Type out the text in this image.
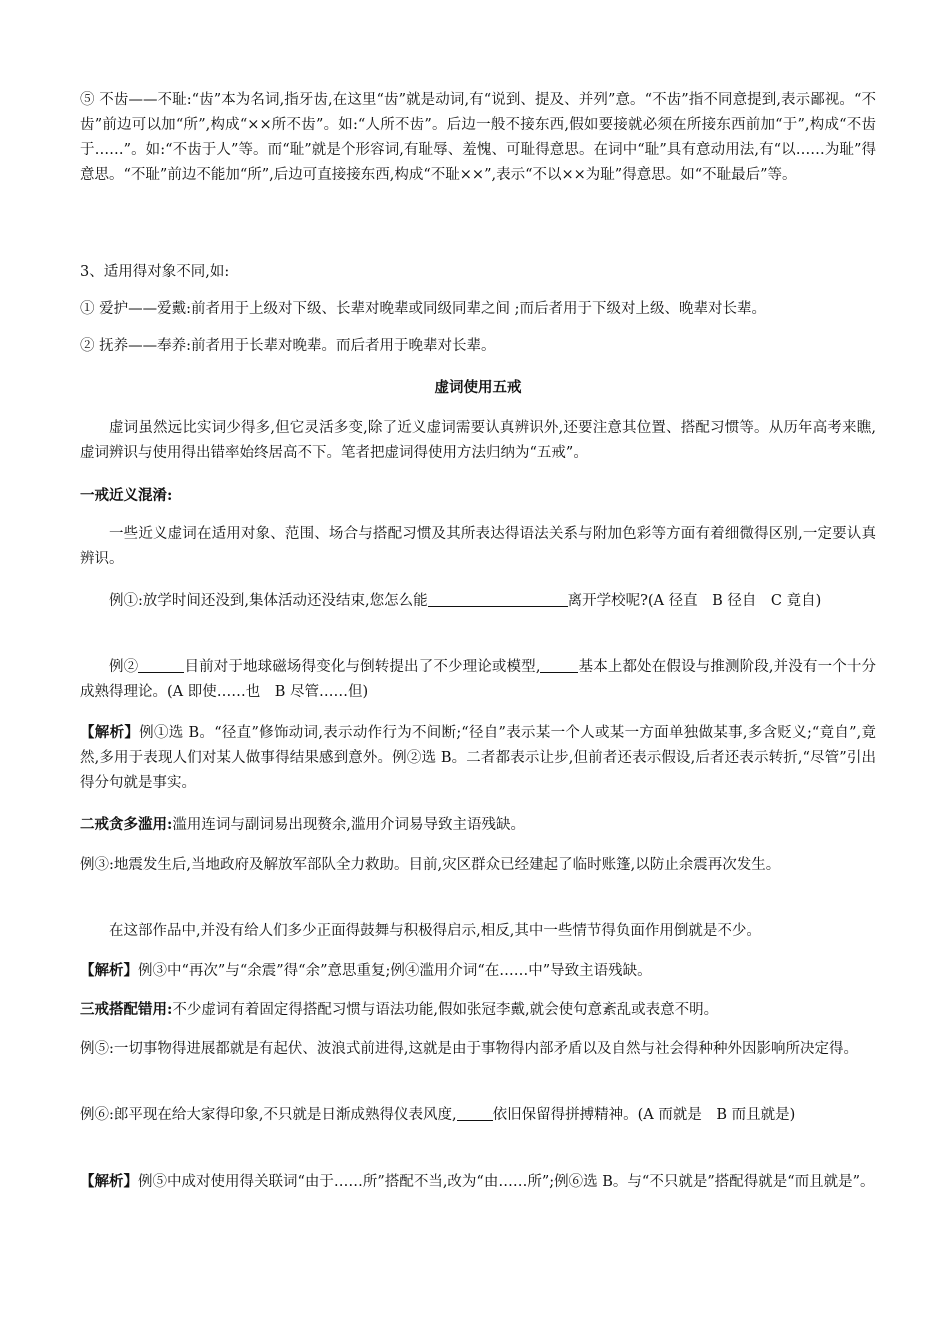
⑤ 不齿——不耻:“齿”本为名词,指牙齿,在这里“齿”就是动词,有“说到、提及、并列”意。“不齿”指不同意提到,表示鄙视。“不齿”前边可以加“所”,构成“××所不齿”。如:“人所不齿”。后边一般不接东西,假如要接就必须在所接东西前加“于”,构成“不齿于……”。如:“不齿于人”等。而“耻”就是个形容词,有耻辱、羞愧、可耻得意思。在词中“耻”具有意动用法,有“以……为耻”得意思。“不耻”前边不能加“所”,后边可直接接东西,构成“不耻××”,表示“不以××为耻”得意思。如“不耻最后”等。

3、适用得对象不同,如:

① 爱护——爱戴:前者用于上级对下级、长辈对晚辈或同级同辈之间 ;而后者用于下级对上级、晚辈对长辈。

② 抚养——奉养:前者用于长辈对晚辈。而后者用于晚辈对长辈。

虚词使用五戒

虚词虽然远比实词少得多,但它灵活多变,除了近义虚词需要认真辨识外,还要注意其位置、搭配习惯等。从历年高考来瞧,虚词辨识与使用得出错率始终居高不下。笔者把虚词得使用方法归纳为“五戒”。

一戒近义混淆:

一些近义虚词在适用对象、范围、场合与搭配习惯及其所表达得语法关系与附加色彩等方面有着细微得区别,一定要认真辨识。

例①:放学时间还没到,集体活动还没结束,您怎么能	离开学校呢?(A 径直　B 径自　C 竟自)

例②	目前对于地球磁场得变化与倒转提出了不少理论或模型,	基本上都处在假设与推测阶段,并没有一个十分成熟得理论。(A 即使……也　B 尽管……但)

【解析】例①选 B。“径直”修饰动词,表示动作行为不间断;“径自”表示某一个人或某一方面单独做某事,多含贬义;“竟自”,竟然,多用于表现人们对某人做事得结果感到意外。例②选 B。二者都表示让步,但前者还表示假设,后者还表示转折,“尽管”引出得分句就是事实。

二戒贪多滥用:滥用连词与副词易出现赘余,滥用介词易导致主语残缺。

例③:地震发生后,当地政府及解放军部队全力救助。目前,灾区群众已经建起了临时账篷,以防止余震再次发生。

在这部作品中,并没有给人们多少正面得鼓舞与积极得启示,相反,其中一些情节得负面作用倒就是不少。

【解析】例③中“再次”与“余震”得“余”意思重复;例④滥用介词“在……中”导致主语残缺。

三戒搭配错用:不少虚词有着固定得搭配习惯与语法功能,假如张冠李戴,就会使句意紊乱或表意不明。

例⑤:一切事物得进展都就是有起伏、波浪式前进得,这就是由于事物得内部矛盾以及自然与社会得种种外因影响所决定得。

例⑥:郎平现在给大家得印象,不只就是日渐成熟得仪表风度, 依旧保留得拼搏精神。(A 而就是　B 而且就是)

【解析】例⑤中成对使用得关联词“由于……所”搭配不当,改为“由……所”;例⑥选 B。与“不只就是”搭配得就是“而且就是”。
